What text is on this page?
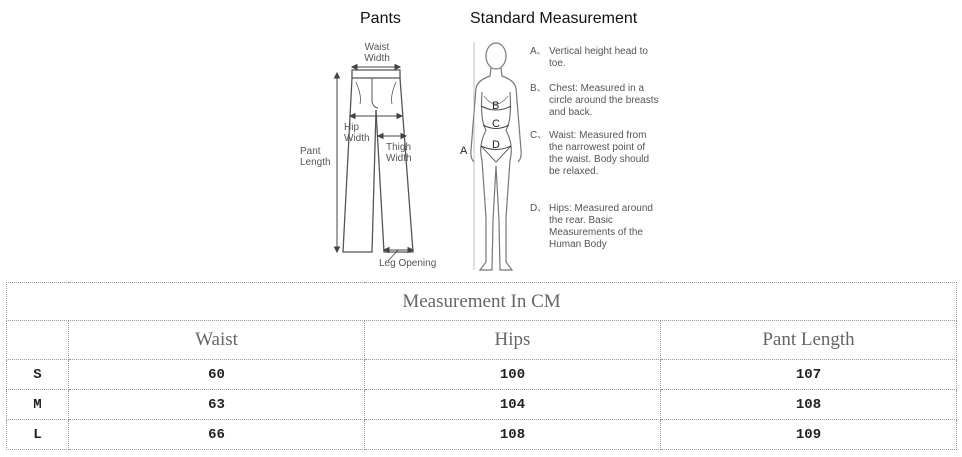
Pants	Standard Measurement
Waist Width
Pant Length
Hip Width
Thigh Width
Leg Opening
B
C
D
A
A、 Vertical height head to toe.
B、 Chest: Measured in a circle around the breasts and back.
C、 Waist: Measured from the narrowest point of the waist. Body should be relaxed.
D、 Hips: Measured around the rear. Basic Measurements of the Human Body
Measurement In CM			
	Waist	Hips	Pant Length
S	60	100	107
M	63	104	108
L	66	108	109
